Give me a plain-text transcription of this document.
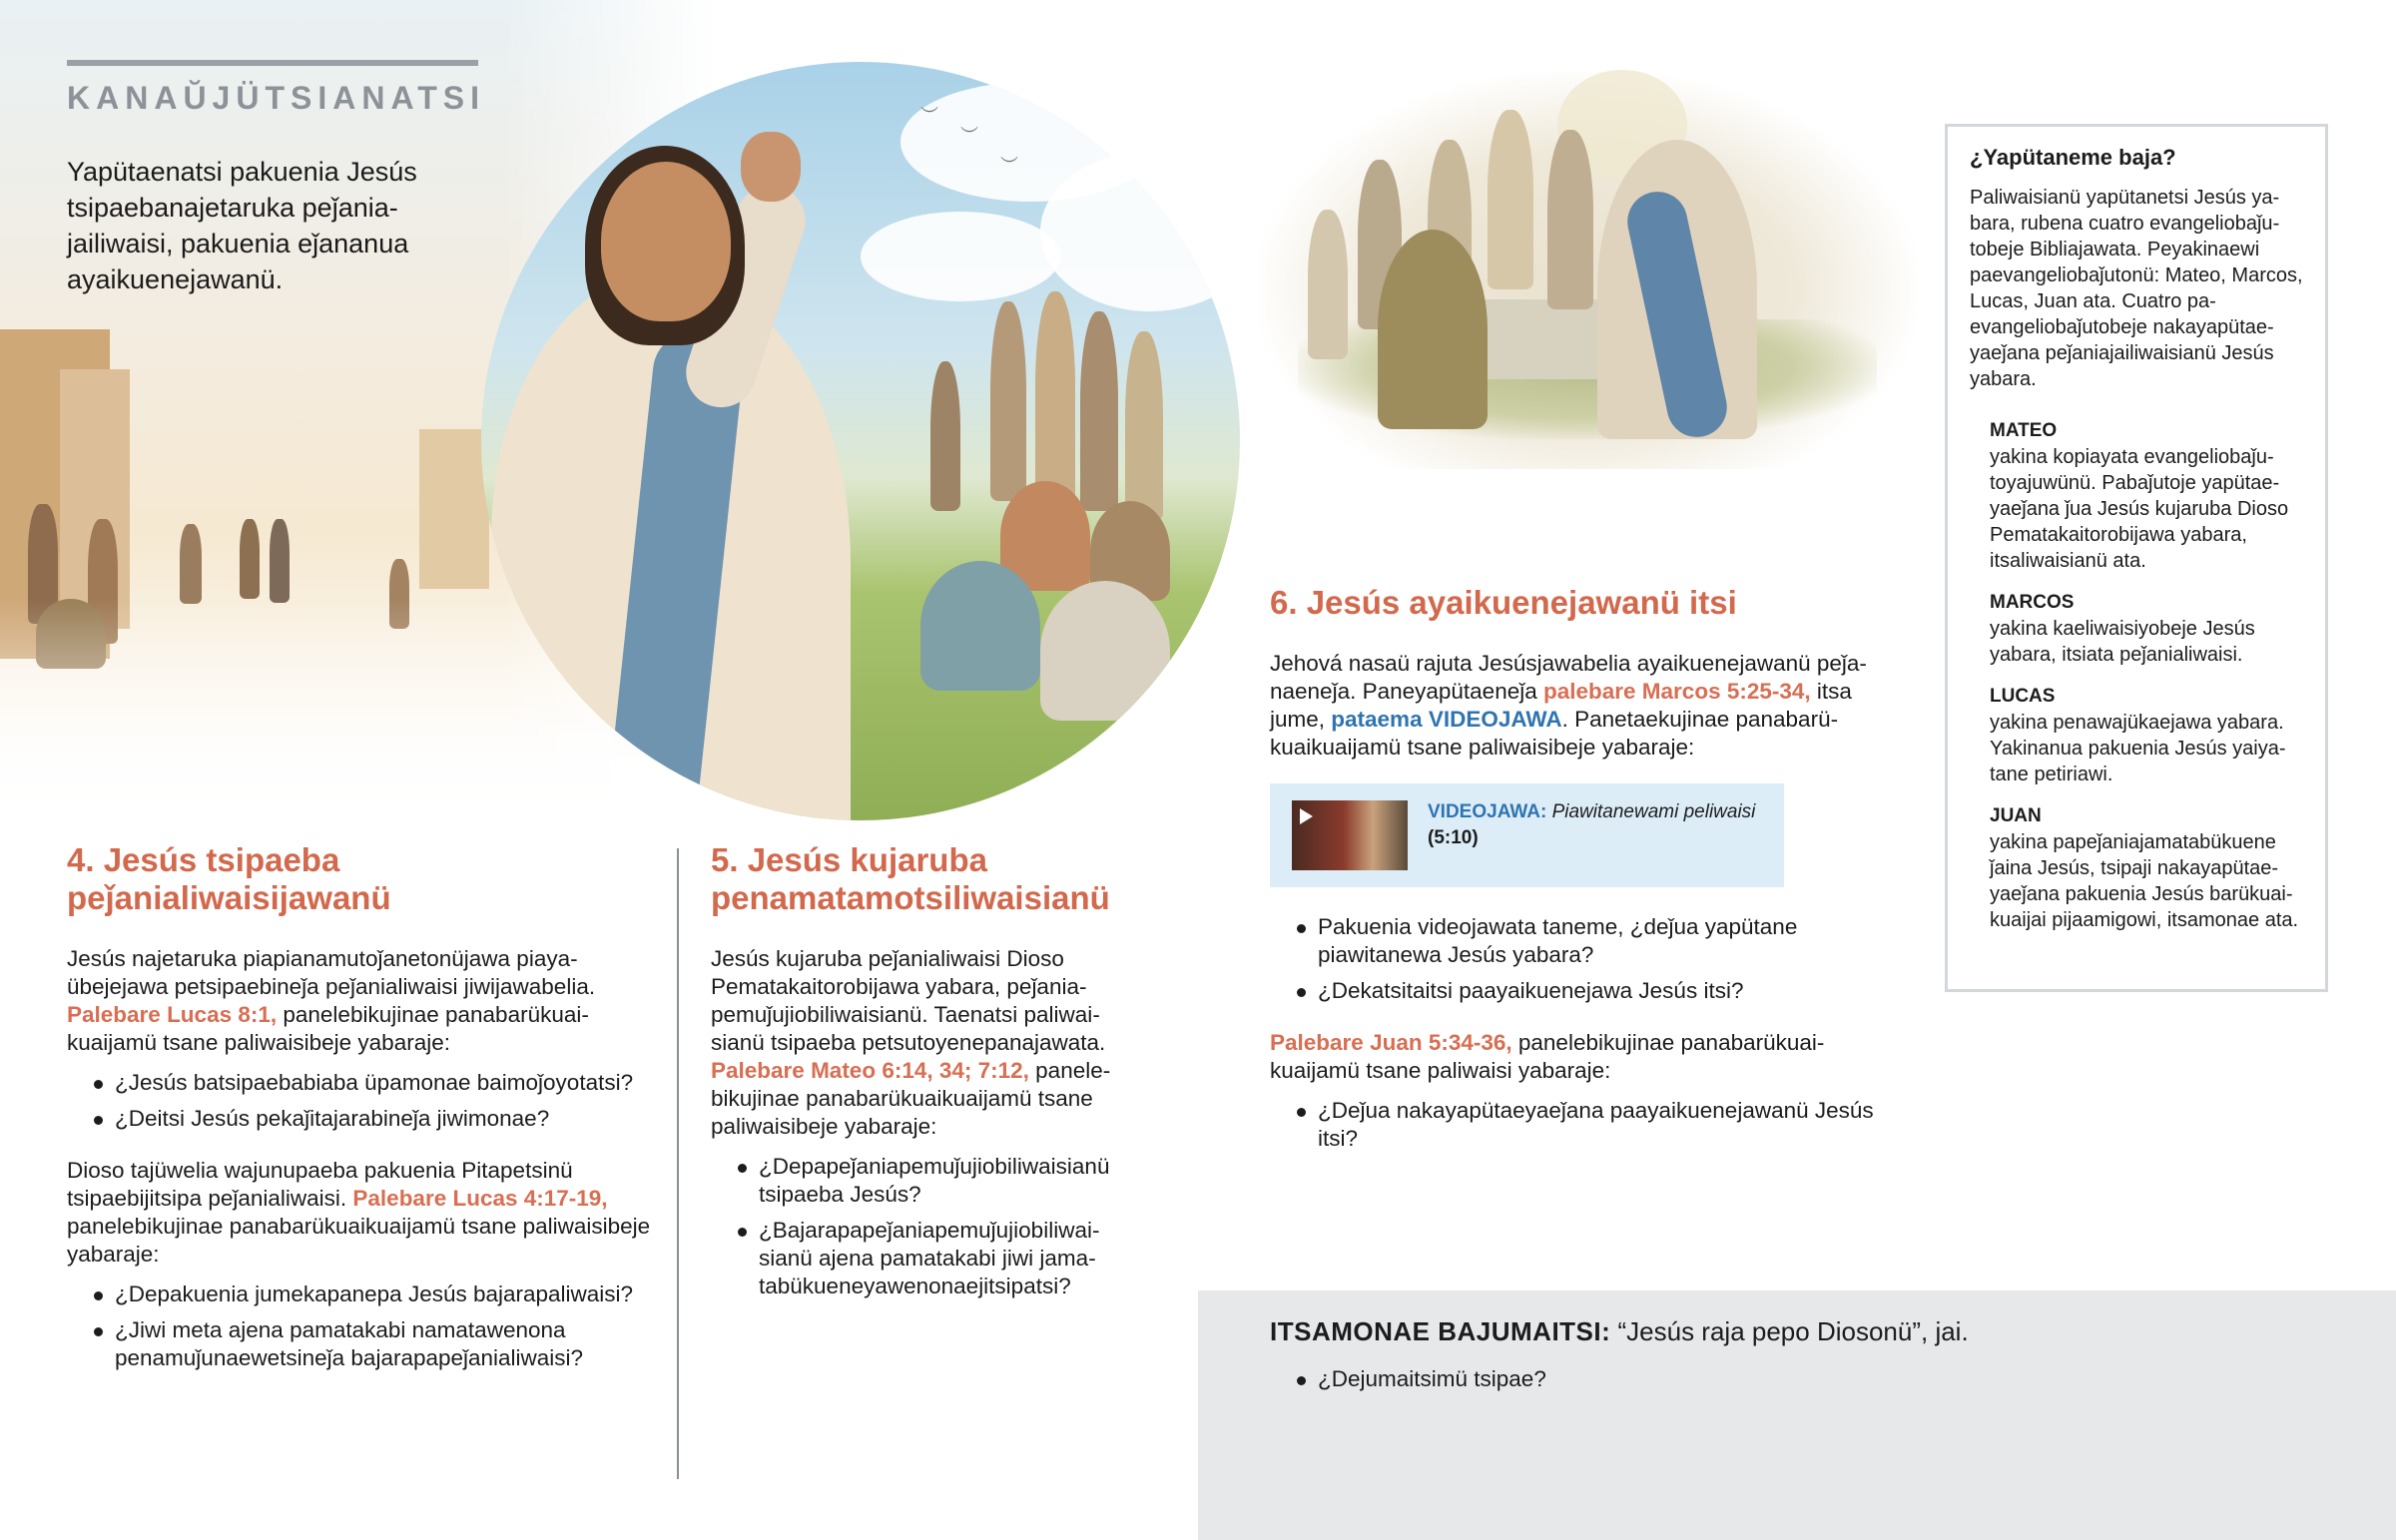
︶
︶
︶
KANAŬJÜTSIANATSI
Yapütaenatsi pakuenia Jesús tsipaebanajetaruka peǰaniajailiwaisi, pakuenia eǰananua ayaikuenejawanü.
4. Jesús tsipaeba peǰanialiwaisijawanü

Jesús najetaruka piapianamutoǰanetonüjawa piayaübejejawa petsipaebineǰa peǰanialiwaisi jiwijawabelia. Palebare Lucas 8:1, panelebikujinae panabarükuaikuaijamü tsane paliwaisibeje yabaraje:

¿Jesús batsipaebabiaba üpamonae baimoǰoyotatsi?
¿Deitsi Jesús pekaǰitajarabineǰa jiwimonae?

Dioso tajüwelia wajunupaeba pakuenia Pitapetsinü tsipaebijitsipa peǰanialiwaisi. Palebare Lucas 4:17-19, panelebikujinae panabarükuaikuaijamü tsane paliwaisibeje yabaraje:

¿Depakuenia jumekapanepa Jesús bajarapaliwaisi?
¿Jiwi meta ajena pamatakabi namatawenona penamuǰunaewetsineǰa bajarapapeǰanialiwaisi?
5. Jesús kujaruba penamatamotsiliwaisianü

Jesús kujaruba peǰanialiwaisi Dioso Pematakaitorobijawa yabara, peǰaniapemuǰujiobiliwaisianü. Taenatsi paliwaisianü tsipaeba petsutoyenepanajawata. Palebare Mateo 6:14, 34; 7:12, panelebikujinae panabarükuaikuaijamü tsane paliwaisibeje yabaraje:

¿Depapeǰaniapemuǰujiobiliwaisianü tsipaeba Jesús?
¿Bajarapapeǰaniapemuǰujiobiliwaisianü ajena pamatakabi jiwi jamatabükueneyawenonaejitsipatsi?
6. Jesús ayaikuenejawanü itsi

Jehová nasaü rajuta Jesúsjawabelia ayaikuenejawanü peǰanaeneǰa. Paneyapütaeneǰa palebare Marcos 5:25-34, itsa jume, pataema VIDEOJAWA. Panetaekujinae panabarükuaikuaijamü tsane paliwaisibeje yabaraje:

VIDEOJAWA: Piawitanewami peliwaisi
(5:10)
Pakuenia videojawata taneme, ¿deǰua yapütane piawitanewa Jesús yabara?
¿Dekatsitaitsi paayaikuenejawa Jesús itsi?

Palebare Juan 5:34-36, panelebikujinae panabarükuaikuaijamü tsane paliwaisi yabaraje:

¿Deǰua nakayapütaeyaeǰana paayaikuenejawanü Jesús itsi?
¿Yapütaneme baja?

Paliwaisianü yapütanetsi Jesús yabara, rubena cuatro evangeliobaǰutobeje Bibliajawata. Peyakinaewi paevangeliobaǰutonü: Mateo, Marcos, Lucas, Juan ata. Cuatro paevangeliobaǰutobeje nakayapütaeyaeǰana peǰaniajailiwaisianü Jesús yabara.

MATEO
yakina kopiayata evangeliobaǰutoyajuwünü. Pabaǰutoje yapütaeyaeǰana ǰua Jesús kujaruba Dioso Pematakaitorobijawa yabara, itsaliwaisianü ata.
MARCOS
yakina kaeliwaisiyobeje Jesús yabara, itsiata peǰanialiwaisi.
LUCAS
yakina penawajükaejawa yabara. Yakinanua pakuenia Jesús yaiyatane petiriawi.
JUAN
yakina papeǰaniajamatabükuene ǰaina Jesús, tsipaji nakayapütaeyaeǰana pakuenia Jesús barükuaikuaijai pijaamigowi, itsamonae ata.
ITSAMONAE BAJUMAITSI: “Jesús raja pepo Diosonü”, jai.
¿Dejumaitsimü tsipae?
